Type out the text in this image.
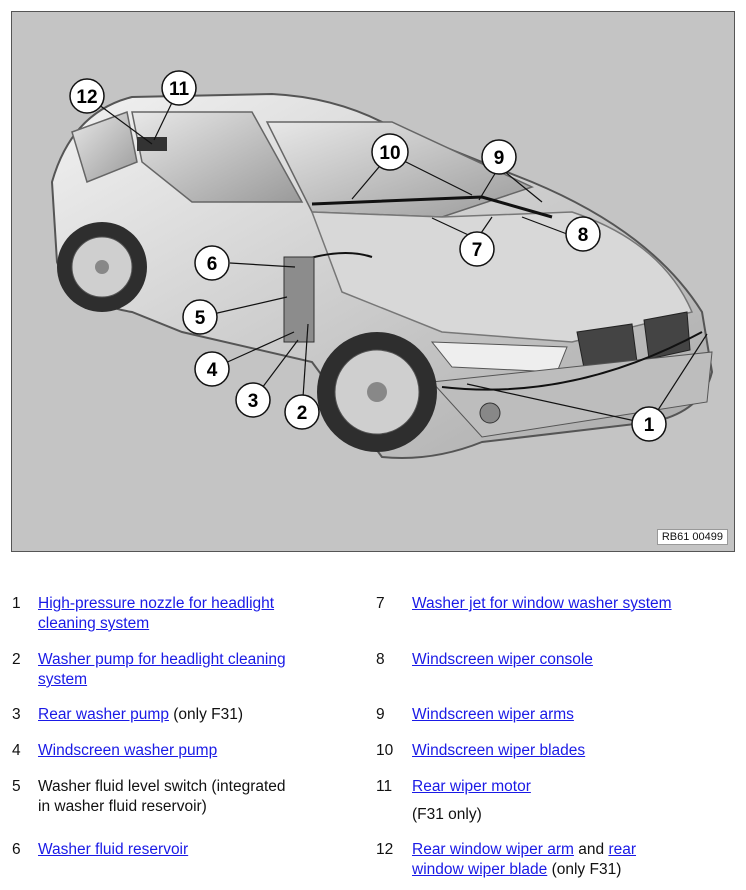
1
2
3
4
5
6
7
8
9
10
11
12
RB61 00499
1 High-pressure nozzle for headlight
cleaning system
2 Washer pump for headlight cleaning
system
3 Rear washer pump (only F31)
4 Windscreen washer pump
5 Washer fluid level switch (integrated
in washer fluid reservoir)
6 Washer fluid reservoir
7 Washer jet for window washer system
8 Windscreen wiper console
9 Windscreen wiper arms
10 Windscreen wiper blades
11 Rear wiper motor
(F31 only)
12 Rear window wiper arm and rear
window wiper blade (only F31)
